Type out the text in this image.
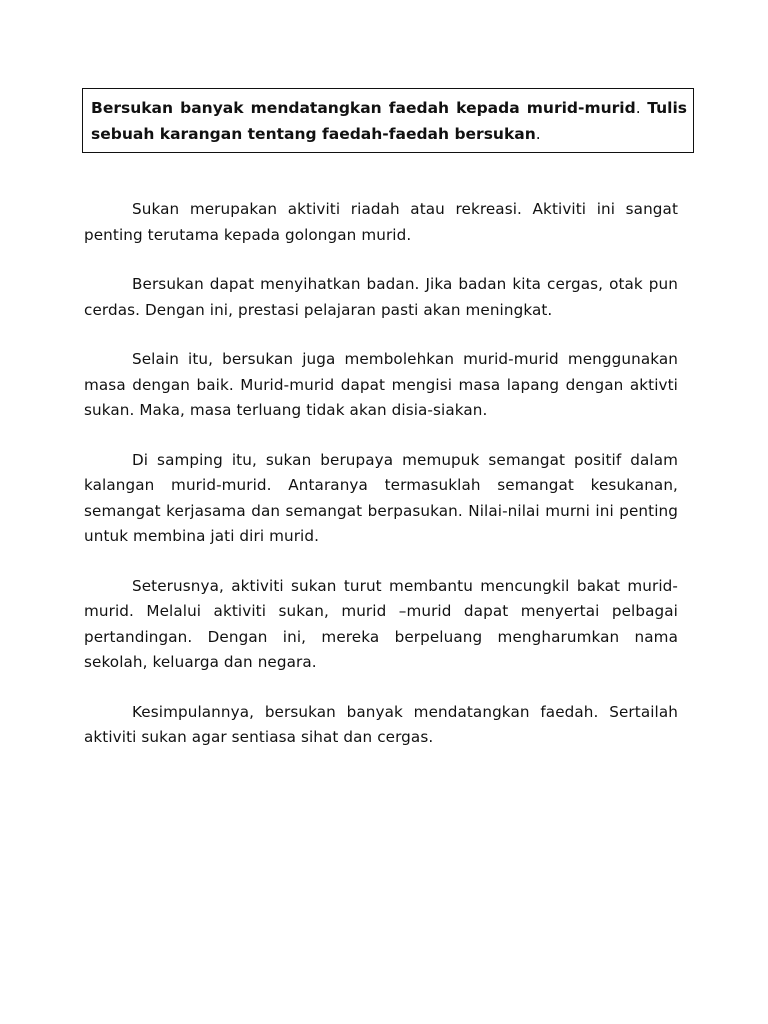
Bersukan banyak mendatangkan faedah kepada murid-murid. Tulis sebuah karangan tentang faedah-faedah bersukan.

Sukan merupakan aktiviti riadah atau rekreasi. Aktiviti ini sangat penting terutama kepada golongan murid.

Bersukan dapat menyihatkan badan. Jika badan kita cergas, otak pun cerdas. Dengan ini, prestasi pelajaran pasti akan meningkat.

Selain itu, bersukan juga membolehkan murid-murid menggunakan masa dengan baik. Murid-murid dapat mengisi masa lapang dengan aktivti sukan. Maka, masa terluang tidak akan disia-siakan.

Di samping itu, sukan berupaya memupuk semangat positif dalam kalangan murid-murid. Antaranya termasuklah semangat kesukanan, semangat kerjasama dan semangat berpasukan. Nilai-nilai murni ini penting untuk membina jati diri murid.

Seterusnya, aktiviti sukan turut membantu mencungkil bakat murid-murid. Melalui aktiviti sukan, murid –murid dapat menyertai pelbagai pertandingan. Dengan ini, mereka berpeluang mengharumkan nama sekolah, keluarga dan negara.

Kesimpulannya, bersukan banyak mendatangkan faedah. Sertailah aktiviti sukan agar sentiasa sihat dan cergas.
